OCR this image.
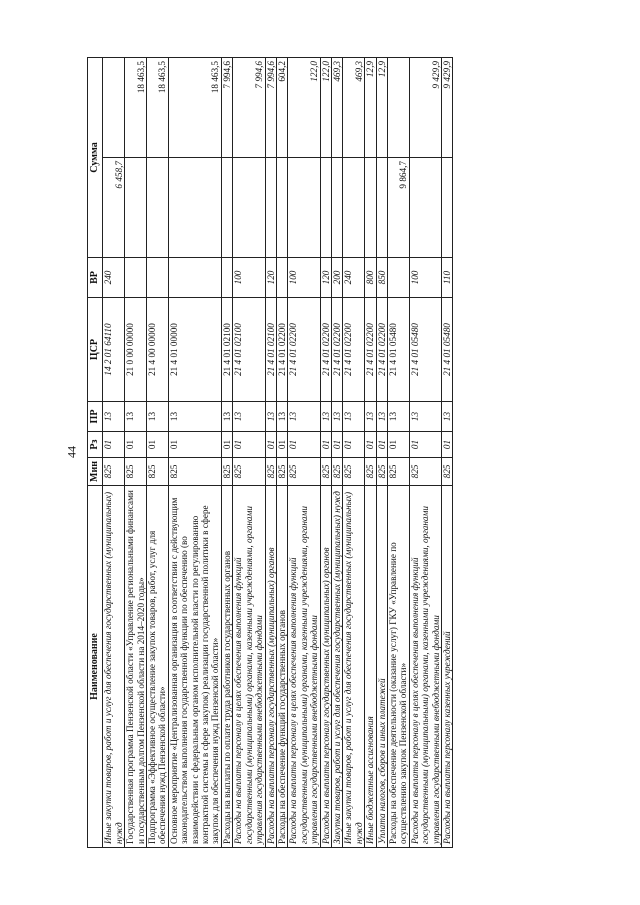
44
Наименование	Мин	Рз	ПР	ЦСР	ВР	Сумма	
Иные закупки товаров, работ и услуг для обеспечения государственных (муниципальных) нужд	825	01	13	14 2 01 64110	240	6 458,7	
Государственная программа Пензенской области «Управление региональными финансами и государственным долгом Пензенской области на 2014–2020 годы»	825	01	13	21 0 00 00000			18 463,5
Подпрограмма «Эффективное осуществление закупок товаров, работ, услуг для обеспечения нужд Пензенской области»	825	01	13	21 4 00 00000			18 463,5
Основное мероприятие «Централизованная организация в соответствии с действующим законодательством выполнения государственной функции по обеспечению (во взаимодействии с федеральным органом исполнительной власти по регулированию контрактной системы в сфере закупок) реализации государственной политики в сфере закупок для обеспечения нужд Пензенской области»	825	01	13	21 4 01 00000			18 463,5
Расходы на выплаты по оплате труда работников государственных органов	825	01	13	21 4 01 02100			7 994,6
Расходы на выплаты персоналу в целях обеспечения выполнения функций государственными (муниципальными) органами, казенными учреждениями, органами управления государственными внебюджетными фондами	825	01	13	21 4 01 02100	100		7 994,6
Расходы на выплаты персоналу государственных (муниципальных) органов	825	01	13	21 4 01 02100	120		7 994,6
Расходы на обеспечение функций государственных органов	825	01	13	21 4 01 02200			604,2
Расходы на выплаты персоналу в целях обеспечения выполнения функций государственными (муниципальными) органами, казенными учреждениями, органами управления государственными внебюджетными фондами	825	01	13	21 4 01 02200	100		122,0
Расходы на выплаты персоналу государственных (муниципальных) органов	825	01	13	21 4 01 02200	120		122,0
Закупка товаров, работ и услуг для обеспечения государственных (муниципальных) нужд	825	01	13	21 4 01 02200	200		469,3
Иные закупки товаров, работ и услуг для обеспечения государственных (муниципальных) нужд	825	01	13	21 4 01 02200	240		469,3
Иные бюджетные ассигнования	825	01	13	21 4 01 02200	800		12,9
Уплата налогов, сборов и иных платежей	825	01	13	21 4 01 02200	850		12,9
Расходы на обеспечение деятельности (оказание услуг) ГКУ «Управление по осуществлению закупок Пензенской области»	825	01	13	21 4 01 05480		9 864,7	
Расходы на выплаты персоналу в целях обеспечения выполнения функций государственными (муниципальными) органами, казенными учреждениями, органами управления государственными внебюджетными фондами	825	01	13	21 4 01 05480	100		9 429,9
Расходы на выплаты персоналу казенных учреждений	825	01	13	21 4 01 05480	110		9 429,9
